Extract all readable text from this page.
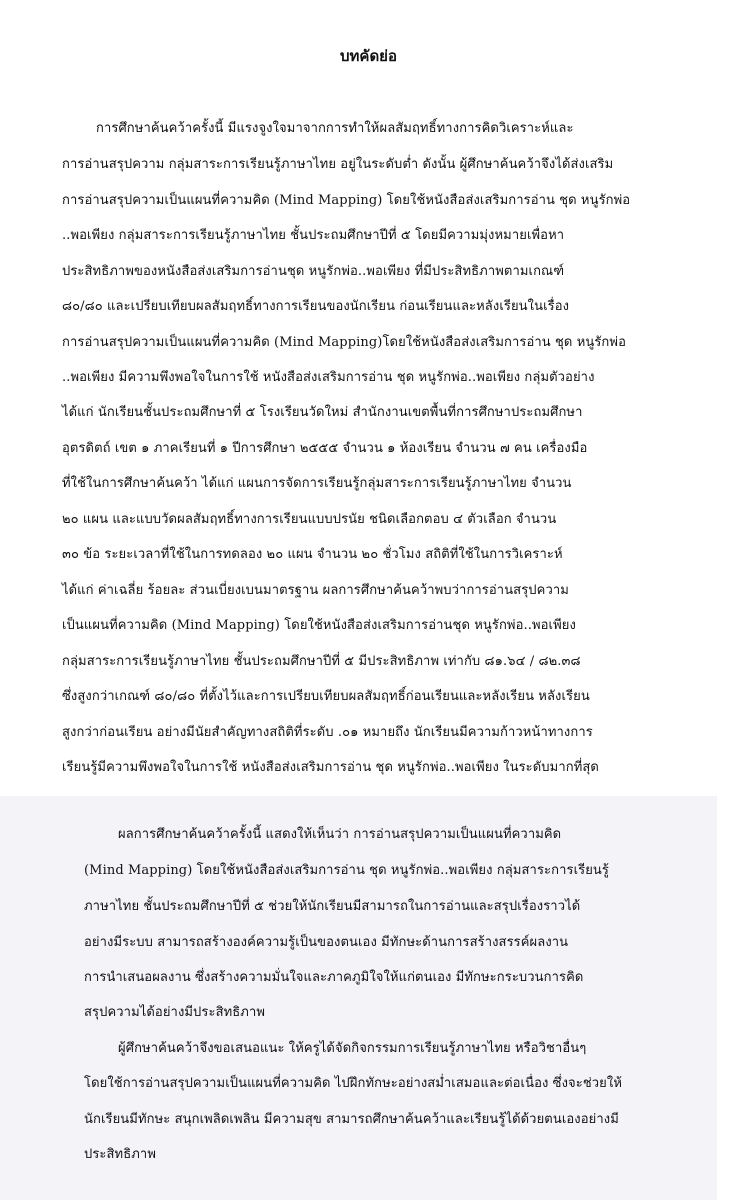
บทคัดย่อ
การศึกษาค้นคว้าครั้งนี้ มีแรงจูงใจมาจากการทำให้ผลสัมฤทธิ์ทางการคิดวิเคราะห์และ
การอ่านสรุปความ กลุ่มสาระการเรียนรู้ภาษาไทย อยู่ในระดับต่ำ ดังนั้น ผู้ศึกษาค้นคว้าจึงได้ส่งเสริม
การอ่านสรุปความเป็นแผนที่ความคิด (Mind Mapping) โดยใช้หนังสือส่งเสริมการอ่าน ชุด หนูรักพ่อ
..พอเพียง กลุ่มสาระการเรียนรู้ภาษาไทย ชั้นประถมศึกษาปีที่ ๕ โดยมีความมุ่งหมายเพื่อหา
ประสิทธิภาพของหนังสือส่งเสริมการอ่านชุด หนูรักพ่อ..พอเพียง ที่มีประสิทธิภาพตามเกณฑ์
๘๐/๘๐ และเปรียบเทียบผลสัมฤทธิ์ทางการเรียนของนักเรียน ก่อนเรียนและหลังเรียนในเรื่อง
การอ่านสรุปความเป็นแผนที่ความคิด (Mind Mapping)โดยใช้หนังสือส่งเสริมการอ่าน ชุด หนูรักพ่อ
..พอเพียง มีความพึงพอใจในการใช้ หนังสือส่งเสริมการอ่าน ชุด หนูรักพ่อ..พอเพียง กลุ่มตัวอย่าง
ได้แก่ นักเรียนชั้นประถมศึกษาที่ ๕ โรงเรียนวัดใหม่ สำนักงานเขตพื้นที่การศึกษาประถมศึกษา
อุตรดิตถ์ เขต ๑ ภาคเรียนที่ ๑ ปีการศึกษา ๒๕๕๕ จำนวน ๑ ห้องเรียน จำนวน ๗ คน เครื่องมือ
ที่ใช้ในการศึกษาค้นคว้า ได้แก่ แผนการจัดการเรียนรู้กลุ่มสาระการเรียนรู้ภาษาไทย จำนวน
๒๐ แผน และแบบวัดผลสัมฤทธิ์ทางการเรียนแบบปรนัย ชนิดเลือกตอบ ๔ ตัวเลือก จำนวน
๓๐ ข้อ ระยะเวลาที่ใช้ในการทดลอง ๒๐ แผน จำนวน ๒๐ ชั่วโมง สถิติที่ใช้ในการวิเคราะห์
ได้แก่ ค่าเฉลี่ย ร้อยละ ส่วนเบี่ยงเบนมาตรฐาน ผลการศึกษาค้นคว้าพบว่าการอ่านสรุปความ
เป็นแผนที่ความคิด (Mind Mapping) โดยใช้หนังสือส่งเสริมการอ่านชุด หนูรักพ่อ..พอเพียง
กลุ่มสาระการเรียนรู้ภาษาไทย ชั้นประถมศึกษาปีที่ ๕ มีประสิทธิภาพ เท่ากับ ๘๑.๖๔ / ๘๒.๓๘
ซึ่งสูงกว่าเกณฑ์ ๘๐/๘๐ ที่ตั้งไว้และการเปรียบเทียบผลสัมฤทธิ์ก่อนเรียนและหลังเรียน หลังเรียน
สูงกว่าก่อนเรียน อย่างมีนัยสำคัญทางสถิติที่ระดับ .๐๑ หมายถึง นักเรียนมีความก้าวหน้าทางการ
เรียนรู้มีความพึงพอใจในการใช้ หนังสือส่งเสริมการอ่าน ชุด หนูรักพ่อ..พอเพียง ในระดับมากที่สุด
ผลการศึกษาค้นคว้าครั้งนี้ แสดงให้เห็นว่า การอ่านสรุปความเป็นแผนที่ความคิด
(Mind Mapping) โดยใช้หนังสือส่งเสริมการอ่าน ชุด หนูรักพ่อ..พอเพียง กลุ่มสาระการเรียนรู้
ภาษาไทย ชั้นประถมศึกษาปีที่ ๕ ช่วยให้นักเรียนมีสามารถในการอ่านและสรุปเรื่องราวได้
อย่างมีระบบ สามารถสร้างองค์ความรู้เป็นของตนเอง มีทักษะด้านการสร้างสรรค์ผลงาน
การนำเสนอผลงาน ซึ่งสร้างความมั่นใจและภาคภูมิใจให้แก่ตนเอง มีทักษะกระบวนการคิด
สรุปความได้อย่างมีประสิทธิภาพ
ผู้ศึกษาค้นคว้าจึงขอเสนอแนะ ให้ครูได้จัดกิจกรรมการเรียนรู้ภาษาไทย หรือวิชาอื่นๆ
โดยใช้การอ่านสรุปความเป็นแผนที่ความคิด ไปฝึกทักษะอย่างสม่ำเสมอและต่อเนื่อง ซึ่งจะช่วยให้
นักเรียนมีทักษะ สนุกเพลิดเพลิน มีความสุข สามารถศึกษาค้นคว้าและเรียนรู้ได้ด้วยตนเองอย่างมี
ประสิทธิภาพ
